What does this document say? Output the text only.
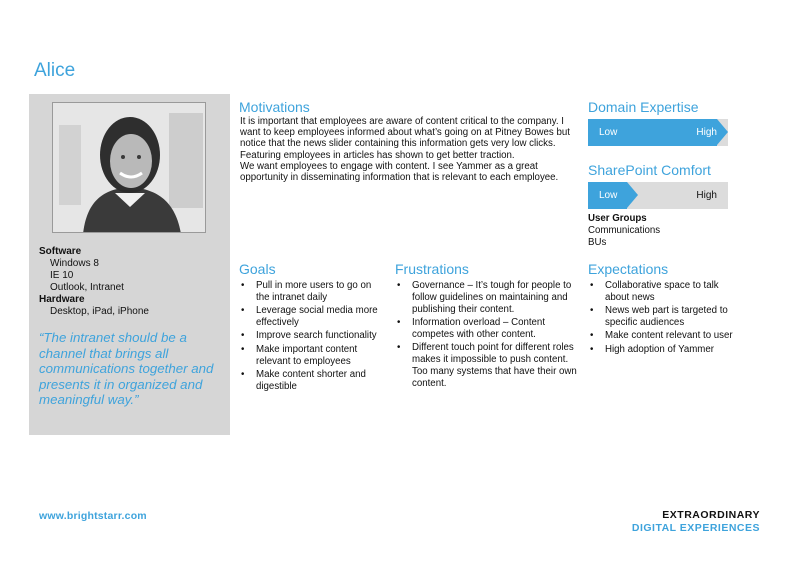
Alice
Software
Windows 8
IE 10
Outlook, Intranet
Hardware
Desktop, iPad, iPhone
“The intranet should be a channel that brings all communications together and presents it in organized and meaningful way.”
Motivations
It is important that employees are aware of content critical to the company. I want to keep employees informed about what’s going on at Pitney Bowes but notice that the news slider containing this information gets very low clicks. Featuring employees in articles has shown to get better traction.
We want employees to engage with content. I see Yammer as a great opportunity in disseminating information that is relevant to each employee.
Domain Expertise
Low	High
SharePoint Comfort
Low	High
User Groups
Communications
BUs
Goals
• Pull in more users to go on the intranet daily
• Leverage social media more effectively
• Improve search functionality
• Make important content relevant to employees
• Make content shorter and digestible
Frustrations
• Governance – It’s tough for people to follow guidelines on maintaining and publishing their content.
• Information overload – Content competes with other content.
• Different touch point for different roles makes it impossible to push content. Too many systems that have their own content.
Expectations
• Collaborative space to talk about news
• News web part is targeted to specific audiences
• Make content relevant to user
• High adoption of Yammer
www.brightstarr.com	EXTRAORDINARY
DIGITAL EXPERIENCES
